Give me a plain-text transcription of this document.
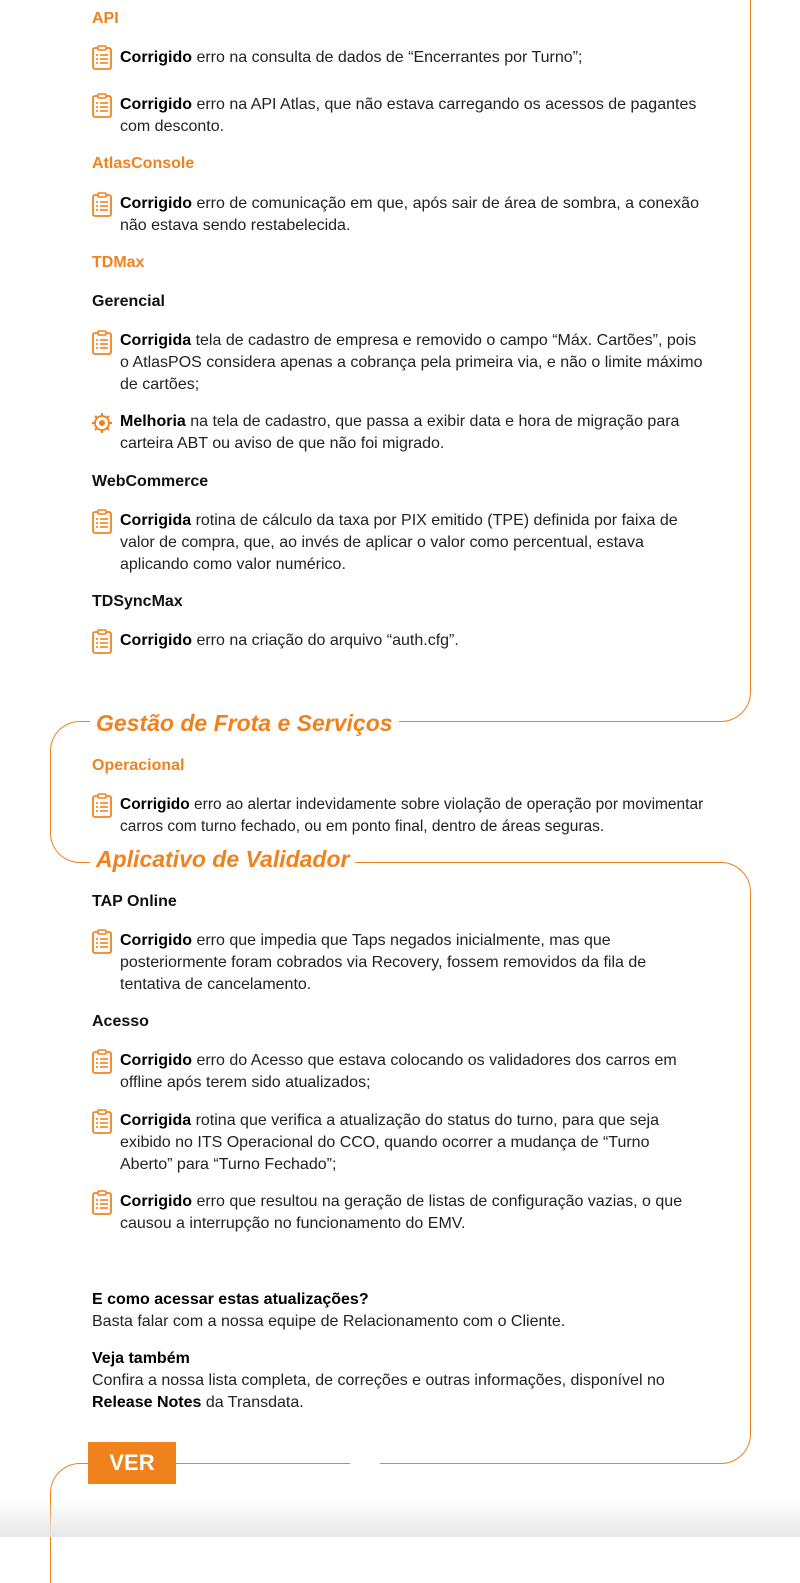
API
Corrigido erro na consulta de dados de “Encerrantes por Turno”;
Corrigido erro na API Atlas, que não estava carregando os acessos de pagantes com desconto.
AtlasConsole
Corrigido erro de comunicação em que, após sair de área de sombra, a conexão não estava sendo restabelecida.
TDMax
Gerencial
Corrigida tela de cadastro de empresa e removido o campo “Máx. Cartões”, pois o AtlasPOS considera apenas a cobrança pela primeira via, e não o limite máximo de cartões;
Melhoria na tela de cadastro, que passa a exibir data e hora de migração para carteira ABT ou aviso de que não foi migrado.
WebCommerce
Corrigida rotina de cálculo da taxa por PIX emitido (TPE) definida por faixa de valor de compra, que, ao invés de aplicar o valor como percentual, estava aplicando como valor numérico.
TDSyncMax
Corrigido erro na criação do arquivo “auth.cfg”.
Gestão de Frota e Serviços
Operacional
Corrigido erro ao alertar indevidamente sobre violação de operação por movimentar carros com turno fechado, ou em ponto final, dentro de áreas seguras.
Aplicativo de Validador
TAP Online
Corrigido erro que impedia que Taps negados inicialmente, mas que posteriormente foram cobrados via Recovery, fossem removidos da fila de tentativa de cancelamento.
Acesso
Corrigido erro do Acesso que estava colocando os validadores dos carros em offline após terem sido atualizados;
Corrigida rotina que verifica a atualização do status do turno, para que seja exibido no ITS Operacional do CCO, quando ocorrer a mudança de “Turno Aberto” para “Turno Fechado”;
Corrigido erro que resultou na geração de listas de configuração vazias, o que causou a interrupção no funcionamento do EMV.
E como acessar estas atualizações?
Basta falar com a nossa equipe de Relacionamento com o Cliente.
Veja também
Confira a nossa lista completa, de correções e outras informações, disponível no Release Notes da Transdata.
VER
